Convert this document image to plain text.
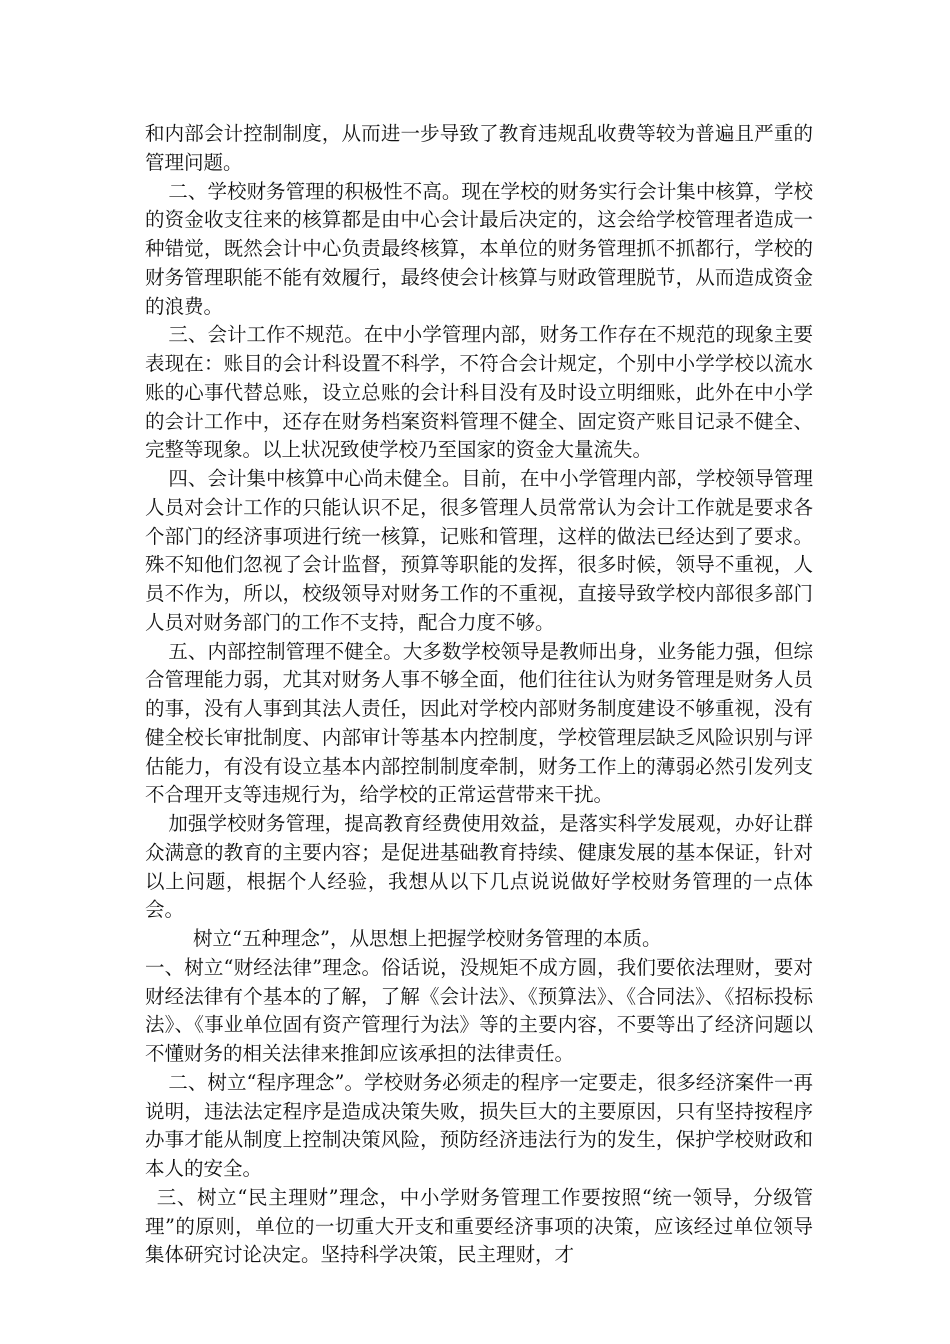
和内部会计控制制度，从而进一步导致了教育违规乱收费等较为普遍且严重的管理问题。

二、学校财务管理的积极性不高。现在学校的财务实行会计集中核算，学校的资金收支往来的核算都是由中心会计最后决定的，这会给学校管理者造成一种错觉，既然会计中心负责最终核算，本单位的财务管理抓不抓都行，学校的财务管理职能不能有效履行，最终使会计核算与财政管理脱节，从而造成资金的浪费。

三、会计工作不规范。在中小学管理内部，财务工作存在不规范的现象主要表现在：账目的会计科设置不科学，不符合会计规定，个别中小学学校以流水账的心事代替总账，设立总账的会计科目没有及时设立明细账，此外在中小学的会计工作中，还存在财务档案资料管理不健全、固定资产账目记录不健全、完整等现象。以上状况致使学校乃至国家的资金大量流失。

四、会计集中核算中心尚未健全。目前，在中小学管理内部，学校领导管理人员对会计工作的只能认识不足，很多管理人员常常认为会计工作就是要求各个部门的经济事项进行统一核算，记账和管理，这样的做法已经达到了要求。殊不知他们忽视了会计监督，预算等职能的发挥，很多时候，领导不重视，人员不作为，所以，校级领导对财务工作的不重视，直接导致学校内部很多部门人员对财务部门的工作不支持，配合力度不够。

五、内部控制管理不健全。大多数学校领导是教师出身，业务能力强，但综合管理能力弱，尤其对财务人事不够全面，他们往往认为财务管理是财务人员的事，没有人事到其法人责任，因此对学校内部财务制度建设不够重视，没有健全校长审批制度、内部审计等基本内控制度，学校管理层缺乏风险识别与评估能力，有没有设立基本内部控制制度牵制，财务工作上的薄弱必然引发列支不合理开支等违规行为，给学校的正常运营带来干扰。

加强学校财务管理，提高教育经费使用效益，是落实科学发展观，办好让群众满意的教育的主要内容；是促进基础教育持续、健康发展的基本保证，针对以上问题，根据个人经验，我想从以下几点说说做好学校财务管理的一点体会。

树立“五种理念”，从思想上把握学校财务管理的本质。

一、树立“财经法律”理念。俗话说，没规矩不成方圆，我们要依法理财，要对财经法律有个基本的了解，了解《会计法》、《预算法》、《合同法》、《招标投标法》、《事业单位固有资产管理行为法》等的主要内容，不要等出了经济问题以不懂财务的相关法律来推卸应该承担的法律责任。

二、树立“程序理念”。学校财务必须走的程序一定要走，很多经济案件一再说明，违法法定程序是造成决策失败，损失巨大的主要原因，只有坚持按程序办事才能从制度上控制决策风险，预防经济违法行为的发生，保护学校财政和本人的安全。

三、树立“民主理财”理念，中小学财务管理工作要按照“统一领导，分级管理”的原则，单位的一切重大开支和重要经济事项的决策，应该经过单位领导集体研究讨论决定。坚持科学决策，民主理财，才
